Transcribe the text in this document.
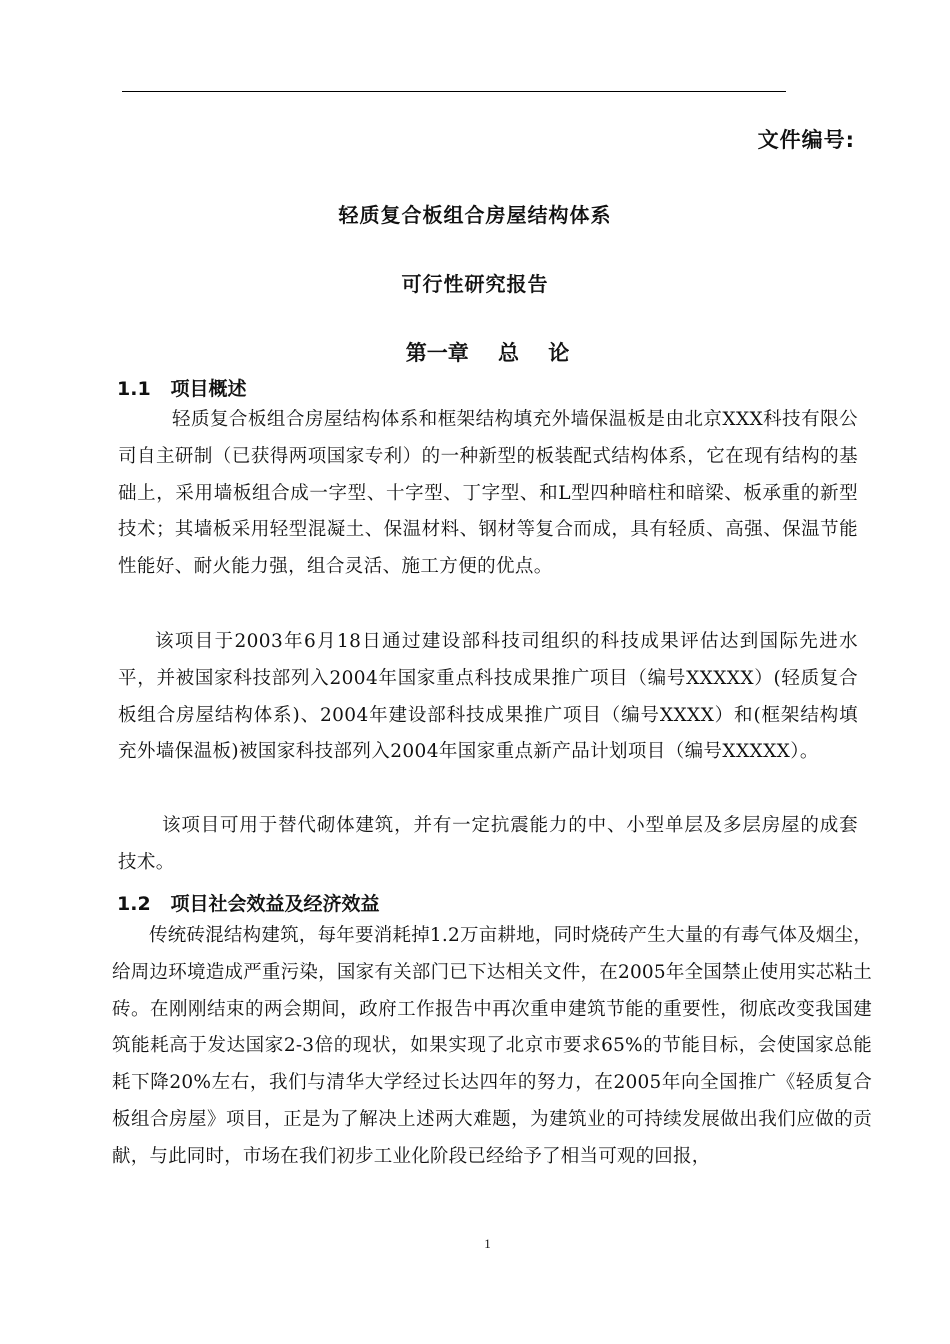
文件编号:
轻质复合板组合房屋结构体系
可行性研究报告
第一章    总    论
1.1   项目概述
轻质复合板组合房屋结构体系和框架结构填充外墙保温板是由北京XXX科技有限公司自主研制（已获得两项国家专利）的一种新型的板装配式结构体系，它在现有结构的基础上，采用墙板组合成一字型、十字型、丁字型、和L型四种暗柱和暗梁、板承重的新型技术；其墙板采用轻型混凝土、保温材料、钢材等复合而成，具有轻质、高强、保温节能性能好、耐火能力强，组合灵活、施工方便的优点。
该项目于2003年6月18日通过建设部科技司组织的科技成果评估达到国际先进水平，并被国家科技部列入2004年国家重点科技成果推广项目（编号XXXXX）(轻质复合板组合房屋结构体系)、2004年建设部科技成果推广项目（编号XXXX）和(框架结构填充外墙保温板)被国家科技部列入2004年国家重点新产品计划项目（编号XXXXX）。
该项目可用于替代砌体建筑，并有一定抗震能力的中、小型单层及多层房屋的成套技术。
1.2   项目社会效益及经济效益
传统砖混结构建筑，每年要消耗掉1.2万亩耕地，同时烧砖产生大量的有毒气体及烟尘，给周边环境造成严重污染，国家有关部门已下达相关文件，在2005年全国禁止使用实芯粘土砖。在刚刚结束的两会期间，政府工作报告中再次重申建筑节能的重要性，彻底改变我国建筑能耗高于发达国家2-3倍的现状，如果实现了北京市要求65%的节能目标，会使国家总能耗下降20%左右，我们与清华大学经过长达四年的努力，在2005年向全国推广《轻质复合板组合房屋》项目，正是为了解决上述两大难题，为建筑业的可持续发展做出我们应做的贡献，与此同时，市场在我们初步工业化阶段已经给予了相当可观的回报，
1
